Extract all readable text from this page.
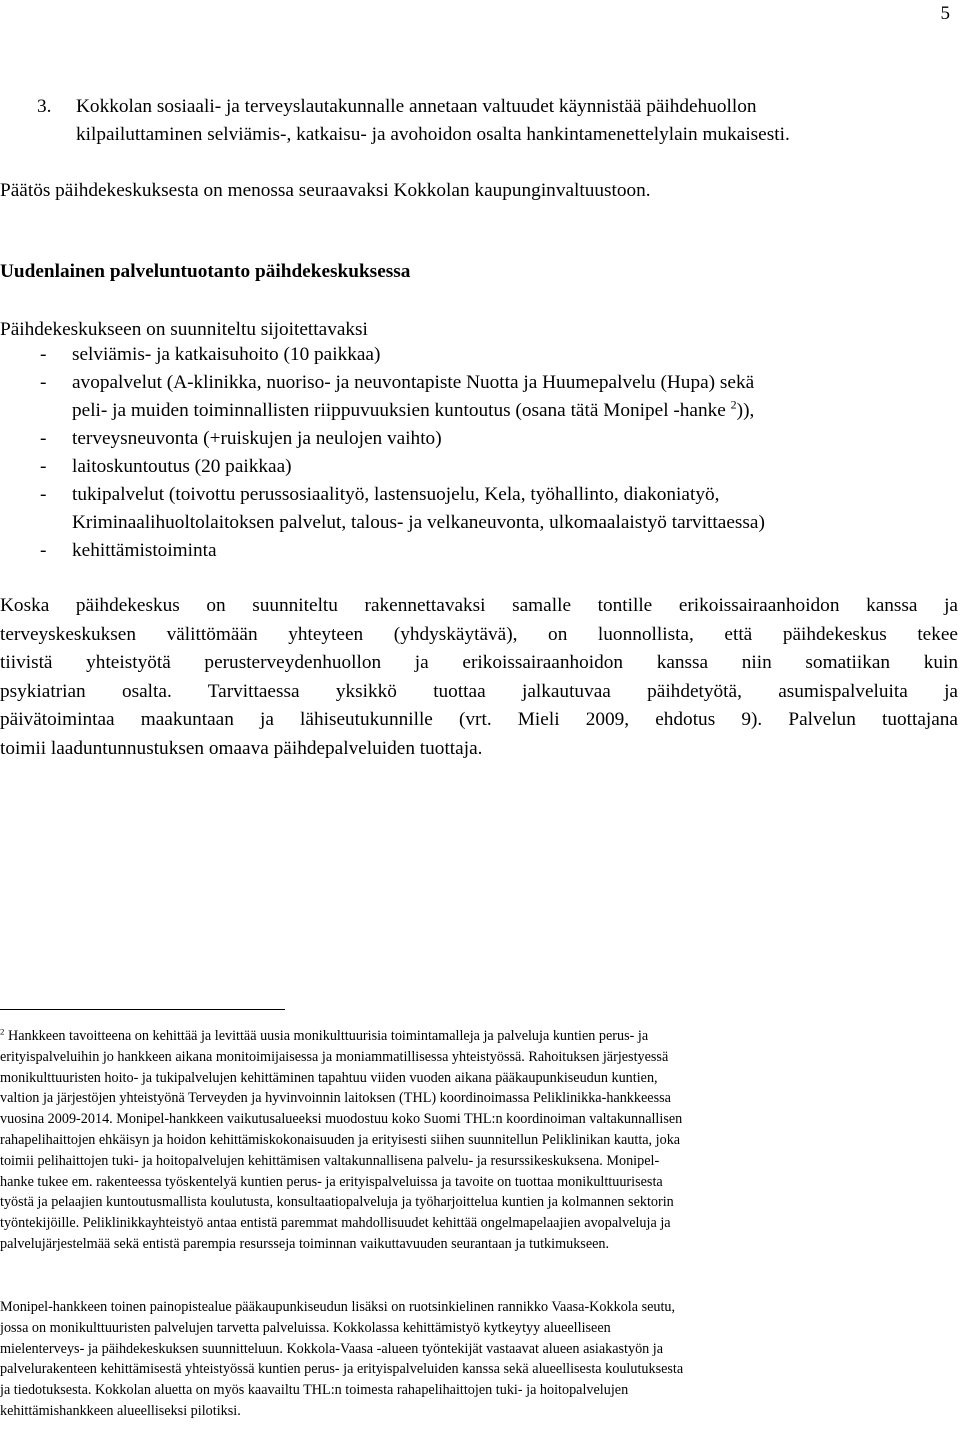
5
3. Kokkolan sosiaali- ja terveyslautakunnalle annetaan valtuudet käynnistää päihdehuollon
kilpailuttaminen selviämis-, katkaisu- ja avohoidon osalta hankintamenettelylain mukaisesti.
Päätös päihdekeskuksesta on menossa seuraavaksi Kokkolan kaupunginvaltuustoon.
Uudenlainen palveluntuotanto päihdekeskuksessa
Päihdekeskukseen on suunniteltu sijoitettavaksi
- selviämis- ja katkaisuhoito (10 paikkaa)
- avopalvelut (A-klinikka, nuoriso- ja neuvontapiste Nuotta ja Huumepalvelu (Hupa) sekä
peli- ja muiden toiminnallisten riippuvuuksien kuntoutus (osana tätä Monipel -hanke $^2$)),
- terveysneuvonta (+ruiskujen ja neulojen vaihto)
- laitoskuntoutus (20 paikkaa)
- tukipalvelut (toivottu perussosiaalityö, lastensuojelu, Kela, työhallinto, diakoniatyö,
Kriminaalihuoltolaitoksen palvelut, talous- ja velkaneuvonta, ulkomaalaistyö tarvittaessa)
- kehittämistoiminta
Koska päihdekeskus on suunniteltu rakennettavaksi samalle tontille erikoissairaanhoidon kanssa ja
terveyskeskuksen välittömään yhteyteen (yhdyskäytävä), on luonnollista, että päihdekeskus tekee
tiivistä yhteistyötä perusterveydenhuollon ja erikoissairaanhoidon kanssa niin somatiikan kuin
psykiatrian osalta. Tarvittaessa yksikkö tuottaa jalkautuvaa päihdetyötä, asumispalveluita ja
päivätoimintaa maakuntaan ja lähiseutukunnille (vrt. Mieli 2009, ehdotus 9). Palvelun tuottajana
toimii laaduntunnustuksen omaava päihdepalveluiden tuottaja.
$^2$ Hankkeen tavoitteena on kehittää ja levittää uusia monikulttuurisia toimintamalleja ja palveluja kuntien perus- ja
erityispalveluihin jo hankkeen aikana monitoimijaisessa ja moniammatillisessa yhteistyössä. Rahoituksen järjestyessä
monikulttuuristen hoito- ja tukipalvelujen kehittäminen tapahtuu viiden vuoden aikana pääkaupunkiseudun kuntien,
valtion ja järjestöjen yhteistyönä Terveyden ja hyvinvoinnin laitoksen (THL) koordinoimassa Peliklinikka-hankkeessa
vuosina 2009-2014. Monipel-hankkeen vaikutusalueeksi muodostuu koko Suomi THL:n koordinoiman valtakunnallisen
rahapelihaittojen ehkäisyn ja hoidon kehittämiskokonaisuuden ja erityisesti siihen suunnitellun Peliklinikan kautta, joka
toimii pelihaittojen tuki- ja hoitopalvelujen kehittämisen valtakunnallisena palvelu- ja resurssikeskuksena. Monipel-
hanke tukee em. rakenteessa työskentelyä kuntien perus- ja erityispalveluissa ja tavoite on tuottaa monikulttuurisesta
työstä ja pelaajien kuntoutusmallista koulutusta, konsultaatiopalveluja ja työharjoittelua kuntien ja kolmannen sektorin
työntekijöille. Peliklinikkayhteistyö antaa entistä paremmat mahdollisuudet kehittää ongelmapelaajien avopalveluja ja
palvelujärjestelmää sekä entistä parempia resursseja toiminnan vaikuttavuuden seurantaan ja tutkimukseen.
Monipel-hankkeen toinen painopistealue pääkaupunkiseudun lisäksi on ruotsinkielinen rannikko Vaasa-Kokkola seutu,
jossa on monikulttuuristen palvelujen tarvetta palveluissa. Kokkolassa kehittämistyö kytkeytyy alueelliseen
mielenterveys- ja päihdekeskuksen suunnitteluun. Kokkola-Vaasa -alueen työntekijät vastaavat alueen asiakastyön ja
palvelurakenteen kehittämisestä yhteistyössä kuntien perus- ja erityispalveluiden kanssa sekä alueellisesta koulutuksesta
ja tiedotuksesta. Kokkolan aluetta on myös kaavailtu THL:n toimesta rahapelihaittojen tuki- ja hoitopalvelujen
kehittämishankkeen alueelliseksi pilotiksi.
